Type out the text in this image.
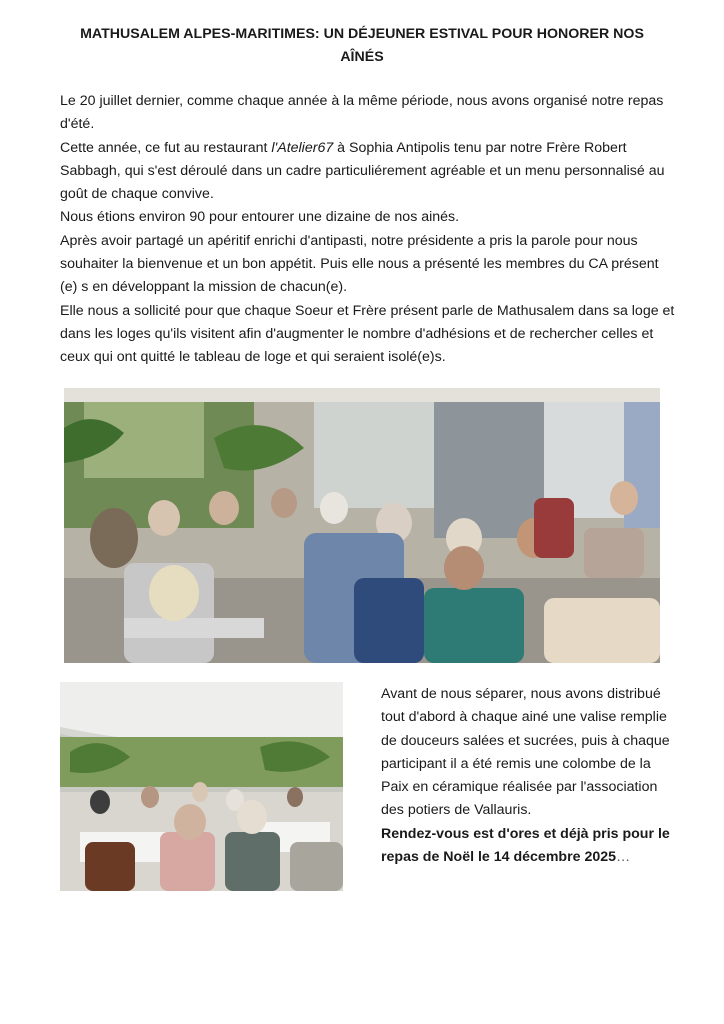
MATHUSALEM ALPES-MARITIMES: UN DÉJEUNER ESTIVAL POUR HONORER NOS
AÎNÉS

Le 20 juillet dernier, comme chaque année à la même période, nous avons organisé notre repas d'été.

Cette année, ce fut au restaurant l'Atelier67 à Sophia Antipolis tenu par notre Frère Robert Sabbagh, qui s'est déroulé dans un cadre particuliérement agréable et un menu personnalisé au goût de chaque convive.

Nous étions environ 90 pour entourer une dizaine de nos ainés.

Après avoir partagé un apéritif enrichi d'antipasti, notre présidente a pris la parole pour nous souhaiter la bienvenue et un bon appétit. Puis elle nous a présenté les membres du CA présent (e) s en développant la mission de chacun(e).

Elle nous a sollicité pour que chaque Soeur et Frère présent parle de Mathusalem dans sa loge et dans les loges qu'ils visitent afin d'augmenter le nombre d'adhésions et de rechercher celles et ceux qui ont quitté le tableau de loge et qui seraient isolé(e)s.

Avant de nous séparer, nous avons distribué tout d'abord à chaque ainé une valise remplie de douceurs salées et sucrées, puis à chaque participant il a été remis une colombe de la Paix en céramique réalisée par l'association des potiers de Vallauris.

Rendez-vous est d'ores et déjà pris pour le repas de Noël le 14 décembre 2025…
